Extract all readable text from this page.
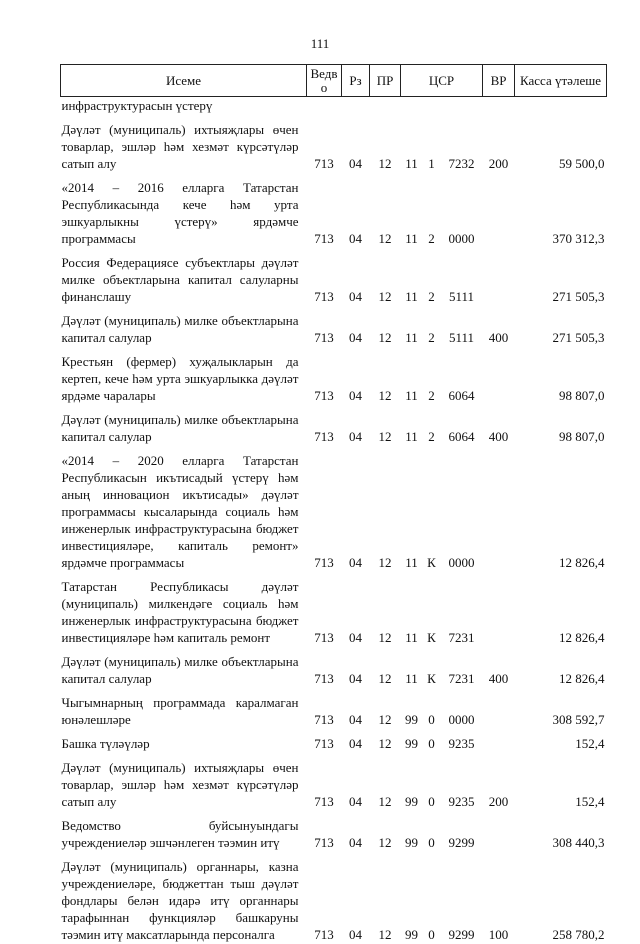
111
Исеме	Ведво	Рз	ПР	ЦСР			ВР	Касса үтәлеше
инфраструктурасын үстерү								
Дәүләт (муниципаль) ихтыяҗлары өчен товарлар, эшләр һәм хезмәт күрсәтүләр сатып алу	713	04	12	11	1	7232	200	59 500,0
«2014 – 2016 елларга Татарстан Республикасында кече һәм урта эшкуарлыкны үстерү» ярдәмче программасы	713	04	12	11	2	0000		370 312,3
Россия Федерациясе субъектлары дәүләт милке объектларына капитал салуларны финанслашу	713	04	12	11	2	5111		271 505,3
Дәүләт (муниципаль) милке объектларына капитал салулар	713	04	12	11	2	5111	400	271 505,3
Крестьян (фермер) хуҗалыкларын да кертеп, кече һәм урта эшкуарлыкка дәүләт ярдәме чаралары	713	04	12	11	2	6064		98 807,0
Дәүләт (муниципаль) милке объектларына капитал салулар	713	04	12	11	2	6064	400	98 807,0
«2014 – 2020 елларга Татарстан Республикасын икътисадый үстерү һәм аның инновацион икътисады» дәүләт программасы кысаларында социаль һәм инженерлык инфраструктурасына бюджет инвестицияләре, капиталь ремонт» ярдәмче программасы	713	04	12	11	К	0000		12 826,4
Татарстан Республикасы дәүләт (муниципаль) милкендәге социаль һәм инженерлык инфраструктурасына бюджет инвестицияләре һәм капиталь ремонт	713	04	12	11	К	7231		12 826,4
Дәүләт (муниципаль) милке объектларына капитал салулар	713	04	12	11	К	7231	400	12 826,4
Чыгымнарның программада каралмаган юнәлешләре	713	04	12	99	0	0000		308 592,7
Башка түләүләр	713	04	12	99	0	9235		152,4
Дәүләт (муниципаль) ихтыяҗлары өчен товарлар, эшләр һәм хезмәт күрсәтүләр сатып алу	713	04	12	99	0	9235	200	152,4
Ведомство буйсынуындагы учреждениеләр эшчәнлеген тәэмин итү	713	04	12	99	0	9299		308 440,3
Дәүләт (муниципаль) органнары, казна учреждениеләре, бюджеттан тыш дәүләт фондлары белән идарә итү органнары тарафыннан функцияләр башкаруны тәэмин итү максатларында персоналга	713	04	12	99	0	9299	100	258 780,2
